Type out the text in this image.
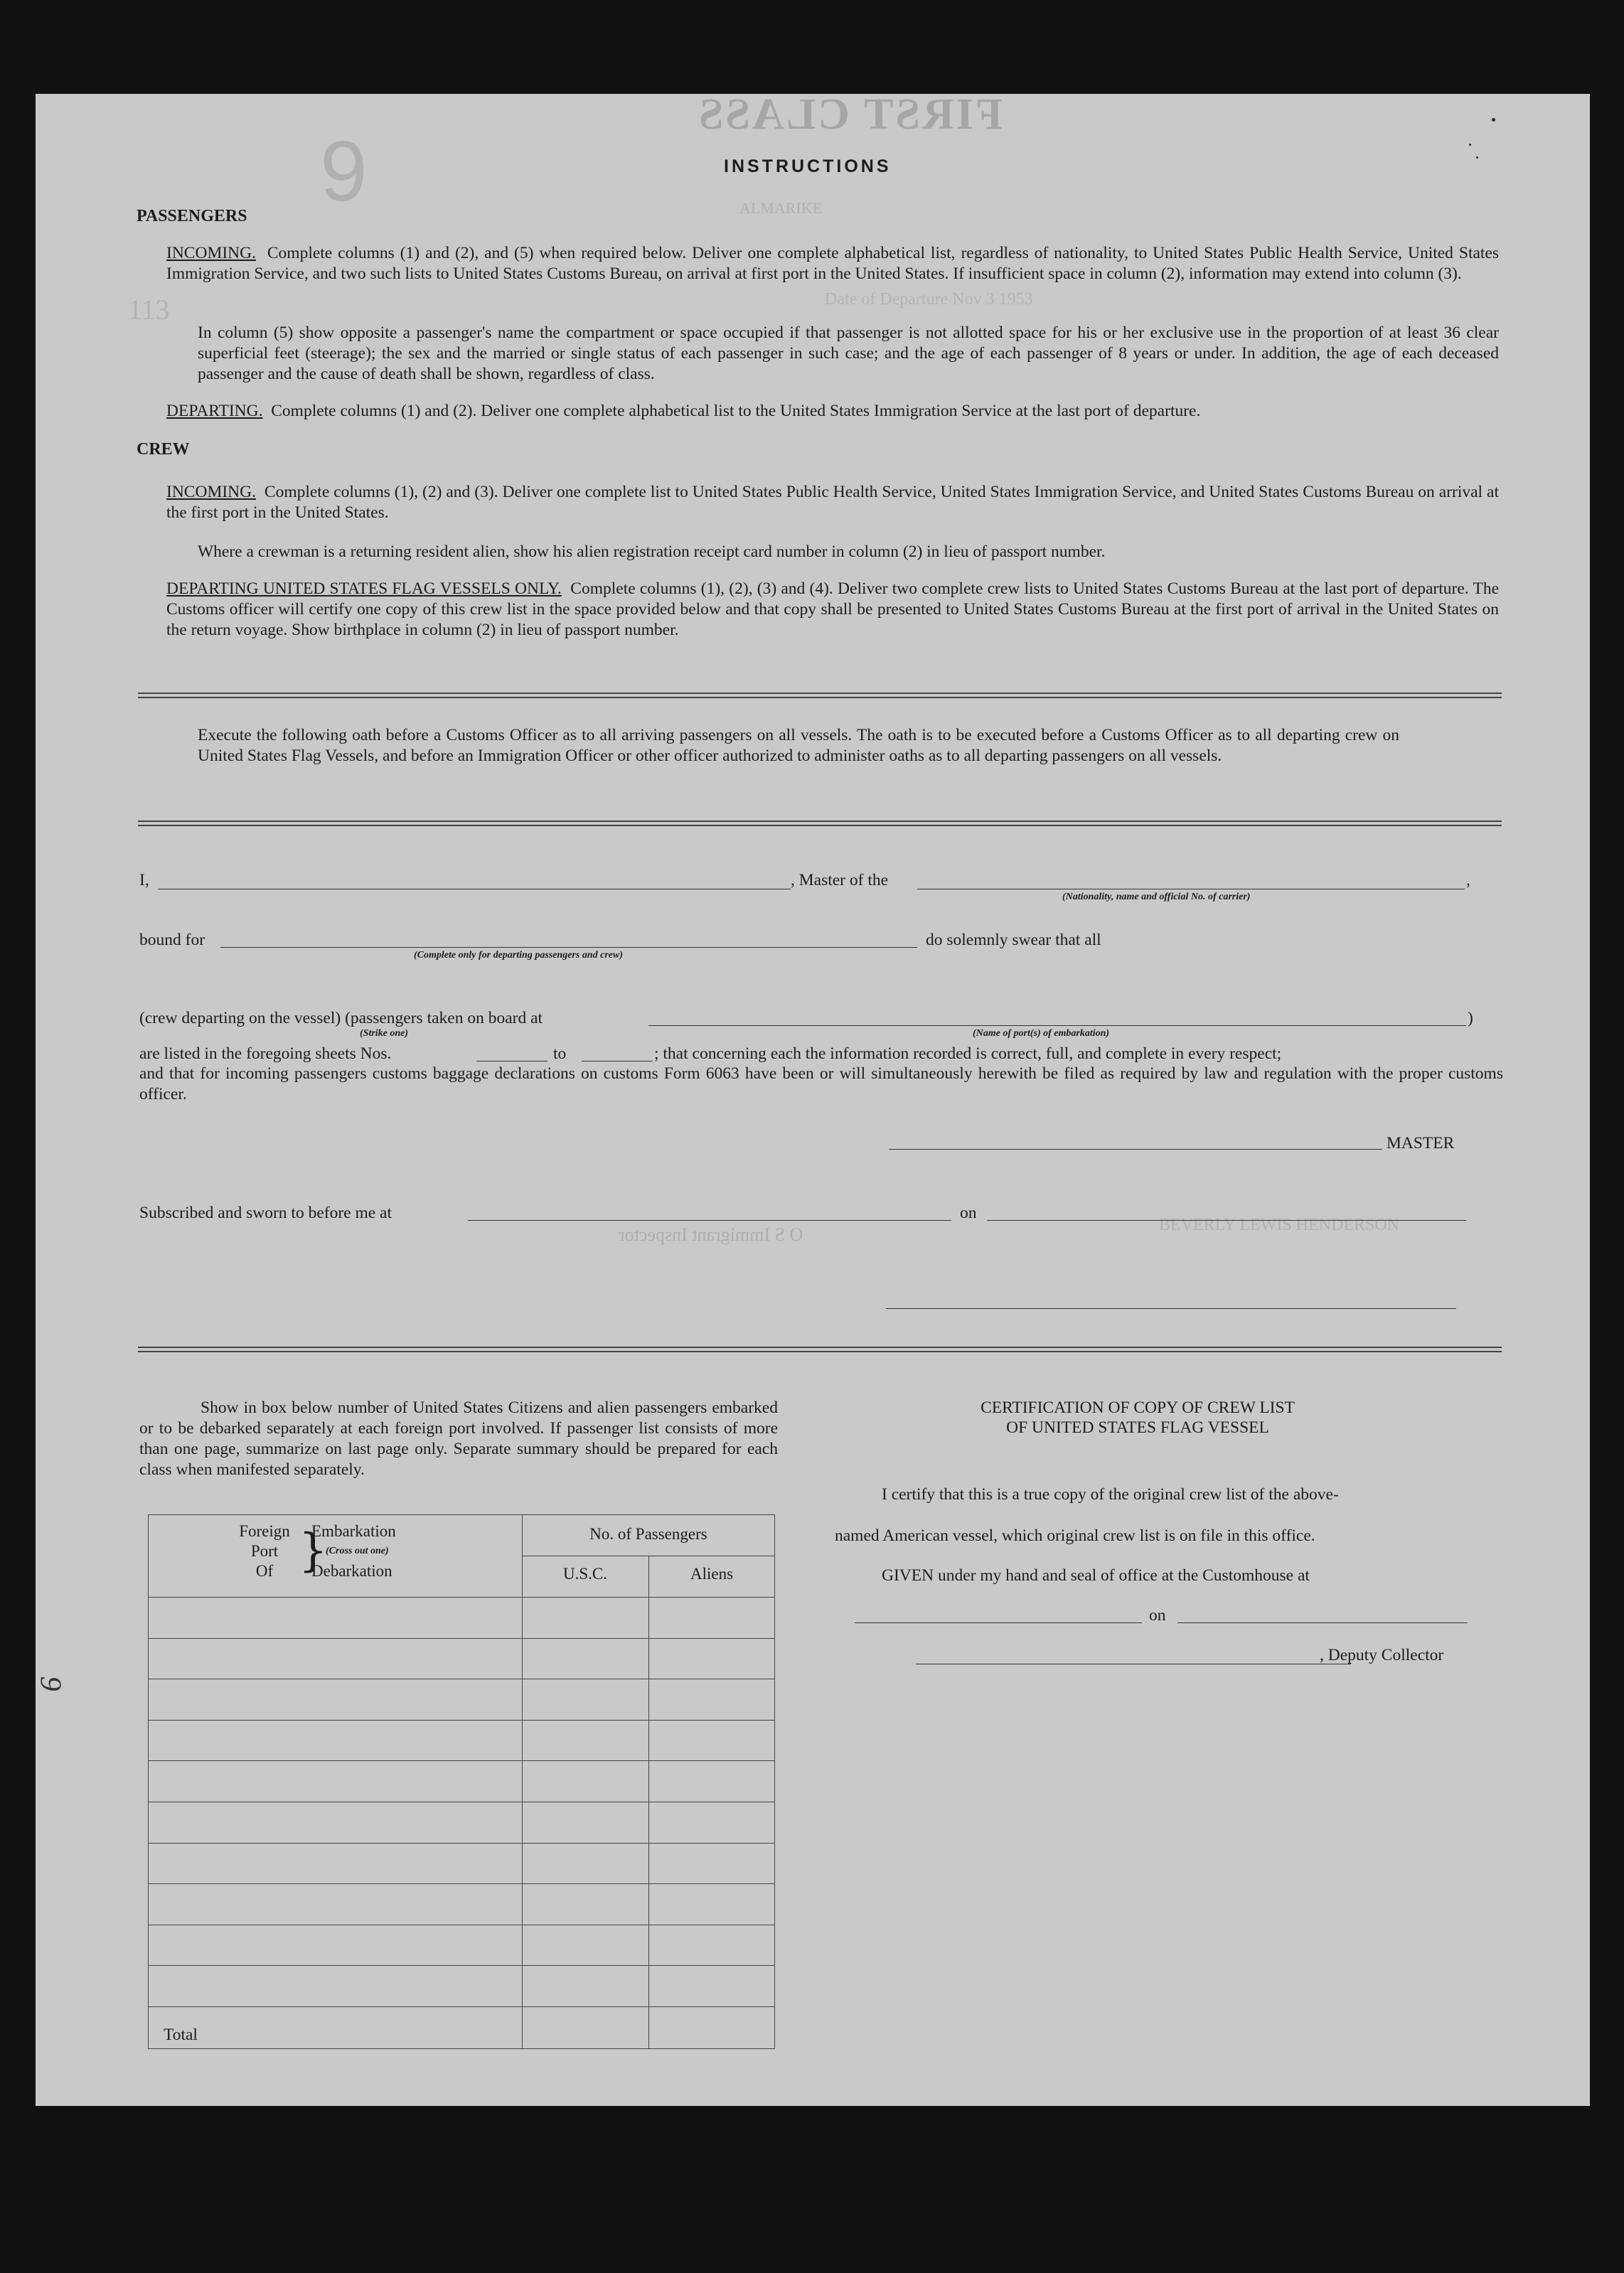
FIRST CLASS
9
113
ALMARIKE
Date of Departure Nov 3 1953
O S Immigrant Inspector	BEVERLY LEWIS HENDERSON
INSTRUCTIONS
PASSENGERS
INCOMING. Complete columns (1) and (2), and (5) when required below. Deliver one complete alphabetical list, regardless of nationality, to United States Public Health Service, United States Immigration Service, and two such lists to United States Customs Bureau, on arrival at first port in the United States. If insufficient space in column (2), information may extend into column (3).
In column (5) show opposite a passenger's name the compartment or space occupied if that passenger is not allotted space for his or her exclusive use in the proportion of at least 36 clear superficial feet (steerage); the sex and the married or single status of each passenger in such case; and the age of each passenger of 8 years or under. In addition, the age of each deceased passenger and the cause of death shall be shown, regardless of class.
DEPARTING. Complete columns (1) and (2). Deliver one complete alphabetical list to the United States Immigration Service at the last port of departure.
CREW
INCOMING. Complete columns (1), (2) and (3). Deliver one complete list to United States Public Health Service, United States Immigration Service, and United States Customs Bureau on arrival at the first port in the United States.
Where a crewman is a returning resident alien, show his alien registration receipt card number in column (2) in lieu of passport number.
DEPARTING UNITED STATES FLAG VESSELS ONLY. Complete columns (1), (2), (3) and (4). Deliver two complete crew lists to United States Customs Bureau at the last port of departure. The Customs officer will certify one copy of this crew list in the space provided below and that copy shall be presented to United States Customs Bureau at the first port of arrival in the United States on the return voyage. Show birthplace in column (2) in lieu of passport number.
Execute the following oath before a Customs Officer as to all arriving passengers on all vessels. The oath is to be executed before a Customs Officer as to all departing crew on United States Flag Vessels, and before an Immigration Officer or other officer authorized to administer oaths as to all departing passengers on all vessels.
I,	, Master of the	,
(Nationality, name and official No. of carrier)
bound for
(Complete only for departing passengers and crew)
do solemnly swear that all
(crew departing on the vessel) (passengers taken on board at	)
(Strike one)	(Name of port(s) of embarkation)
are listed in the foregoing sheets Nos.	to	; that concerning each the information recorded is correct, full, and complete in every respect;
and that for incoming passengers customs baggage declarations on customs Form 6063 have been or will simultaneously herewith be filed as required by law and regulation with the proper customs officer.
MASTER
Subscribed and sworn to before me at	on
Show in box below number of United States Citizens and alien passengers embarked or to be debarked separately at each foreign port involved. If passenger list consists of more than one page, summarize on last page only. Separate summary should be prepared for each class when manifested separately.
Foreign
Port
Of }
Embarkation
(Cross out one)
Debarkation
No. of Passengers
U.S.C.	Aliens
Total
CERTIFICATION OF COPY OF CREW LIST
OF UNITED STATES FLAG VESSEL
I certify that this is a true copy of the original crew list of the above-
named American vessel, which original crew list is on file in this office.
GIVEN under my hand and seal of office at the Customhouse at
on
, Deputy Collector
9
